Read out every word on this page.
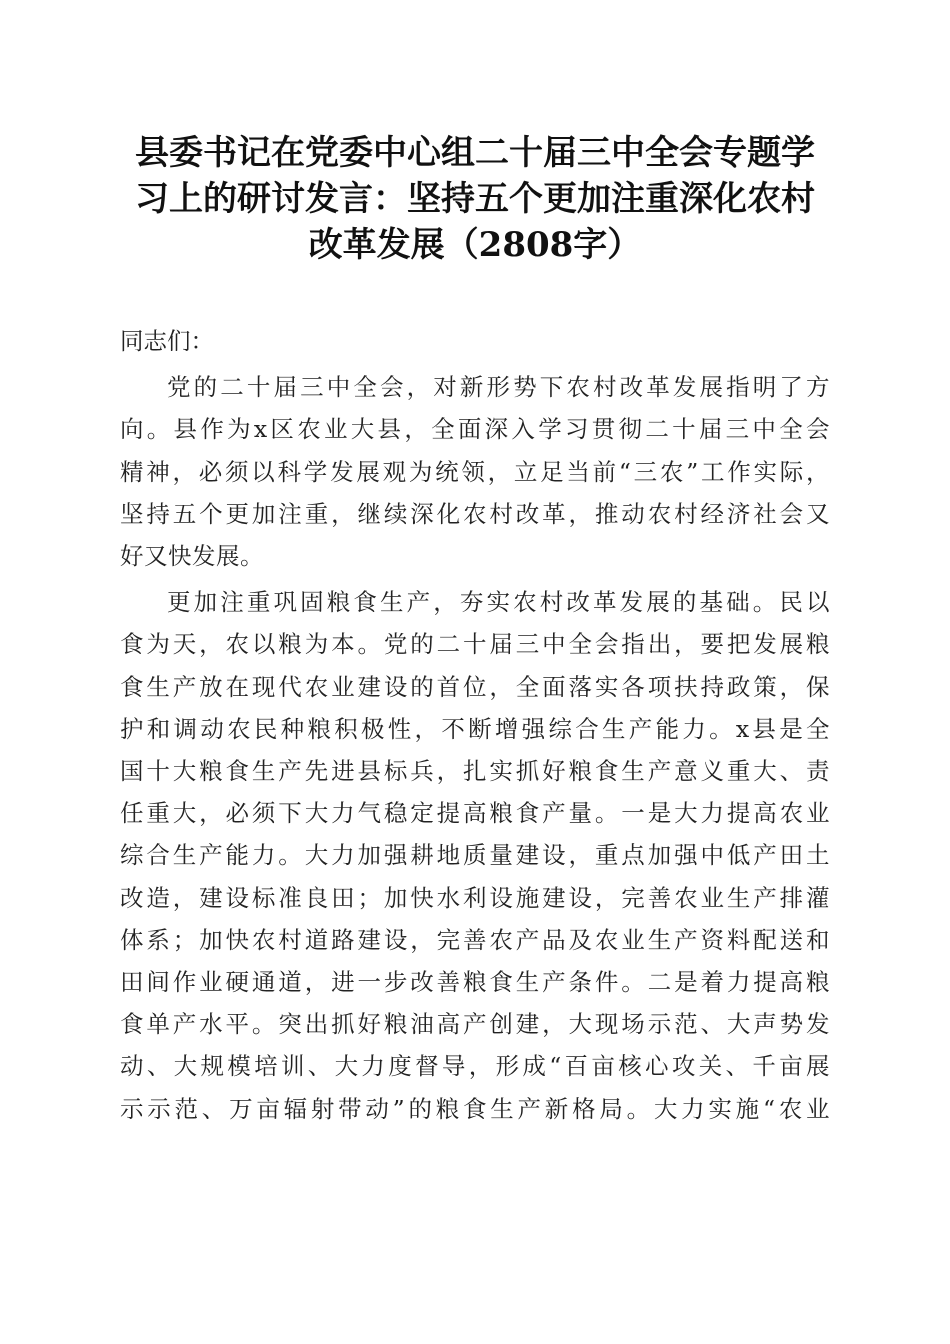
县委书记在党委中心组二十届三中全会专题学
习上的研讨发言：坚持五个更加注重深化农村
改革发展（2808字）

同志们：

党的二十届三中全会，对新形势下农村改革发展指明了方
向。县作为x区农业大县，全面深入学习贯彻二十届三中全会
精神，必须以科学发展观为统领，立足当前“三农”工作实际，
坚持五个更加注重，继续深化农村改革，推动农村经济社会又
好又快发展。

更加注重巩固粮食生产，夯实农村改革发展的基础。民以
食为天，农以粮为本。党的二十届三中全会指出，要把发展粮
食生产放在现代农业建设的首位，全面落实各项扶持政策，保
护和调动农民种粮积极性，不断增强综合生产能力。x县是全
国十大粮食生产先进县标兵，扎实抓好粮食生产意义重大、责
任重大，必须下大力气稳定提高粮食产量。一是大力提高农业
综合生产能力。大力加强耕地质量建设，重点加强中低产田土
改造，建设标准良田；加快水利设施建设，完善农业生产排灌
体系；加快农村道路建设，完善农产品及农业生产资料配送和
田间作业硬通道，进一步改善粮食生产条件。二是着力提高粮
食单产水平。突出抓好粮油高产创建，大现场示范、大声势发
动、大规模培训、大力度督导，形成“百亩核心攻关、千亩展
示示范、万亩辐射带动”的粮食生产新格局。大力实施“农业
